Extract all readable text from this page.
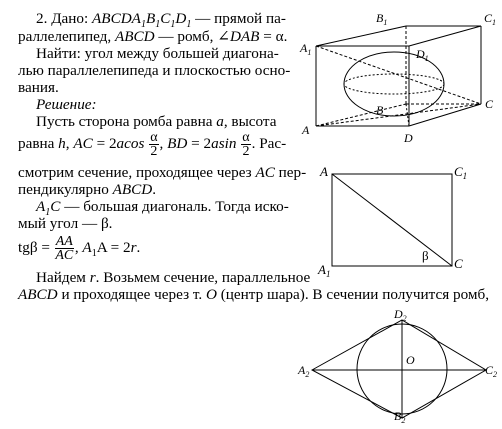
2. Дано: $ABCDA_1B_1C_1D_1$ — прямой па-
раллелепипед, ABCD — ромб, ∠DAB = α.
Найти: угол между большей диагона-
лью параллелепипеда и плоскостью осно-
вания.
Решение:
Пусть сторона ромба равна a, высота
равна h, AC = $2acos \frac{\alpha}{2}$ , BD = $2asin \frac{\alpha}{2}$ . Рас-
смотрим сечение, проходящее через AC пер-
пендикулярно ABCD.
$A_1C$ — большая диагональ. Тогда иско-
мый угол — β.
$tg\beta = \frac{AA}{AC}$ , $A_1A = 2r$.
Найдем r. Возьмем сечение, параллельное
ABCD и проходящее через т. O (центр шара). В сечении получится ромб,
$B_1$	$C_1$
$A_1$	$D_1$
A
B	C
D
A	$C_1$
$A_1$
C
β
$D_2$
$A_2$	$C_2$
$B_2$
O
